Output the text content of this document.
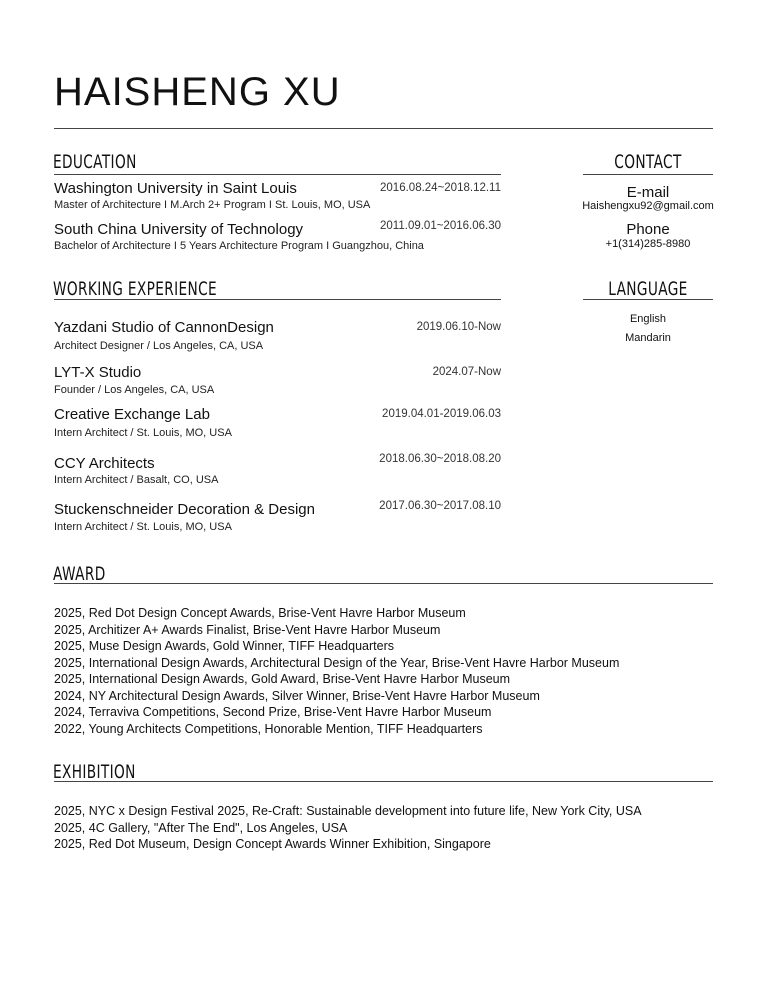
HAISHENG XU
EDUCATION
Washington University in Saint Louis	2016.08.24~2018.12.11
Master of Architecture I M.Arch 2+ Program I St. Louis, MO, USA
South China University of Technology	2011.09.01~2016.06.30
Bachelor of Architecture I 5 Years Architecture Program I Guangzhou, China
CONTACT
E-mail
Haishengxu92@gmail.com
Phone
+1(314)285-8980
LANGUAGE
English
Mandarin
WORKING EXPERIENCE
Yazdani Studio of CannonDesign	2019.06.10-Now
Architect Designer / Los Angeles, CA, USA
LYT-X Studio	2024.07-Now
Founder / Los Angeles, CA, USA
Creative Exchange Lab	2019.04.01-2019.06.03
Intern Architect / St. Louis, MO, USA
CCY Architects	2018.06.30~2018.08.20
Intern Architect / Basalt, CO, USA
Stuckenschneider Decoration & Design	2017.06.30~2017.08.10
Intern Architect / St. Louis, MO, USA
AWARD
2025, Red Dot Design Concept Awards, Brise-Vent Havre Harbor Museum
2025, Architizer A+ Awards Finalist, Brise-Vent Havre Harbor Museum
2025, Muse Design Awards, Gold Winner, TIFF Headquarters
2025, International Design Awards, Architectural Design of the Year, Brise-Vent Havre Harbor Museum
2025, International Design Awards, Gold Award, Brise-Vent Havre Harbor Museum
2024, NY Architectural Design Awards, Silver Winner, Brise-Vent Havre Harbor Museum
2024, Terraviva Competitions, Second Prize, Brise-Vent Havre Harbor Museum
2022, Young Architects Competitions, Honorable Mention, TIFF Headquarters
EXHIBITION
2025, NYC x Design Festival 2025, Re-Craft: Sustainable development into future life, New York City, USA
2025, 4C Gallery, "After The End", Los Angeles, USA
2025, Red Dot Museum, Design Concept Awards Winner Exhibition, Singapore
